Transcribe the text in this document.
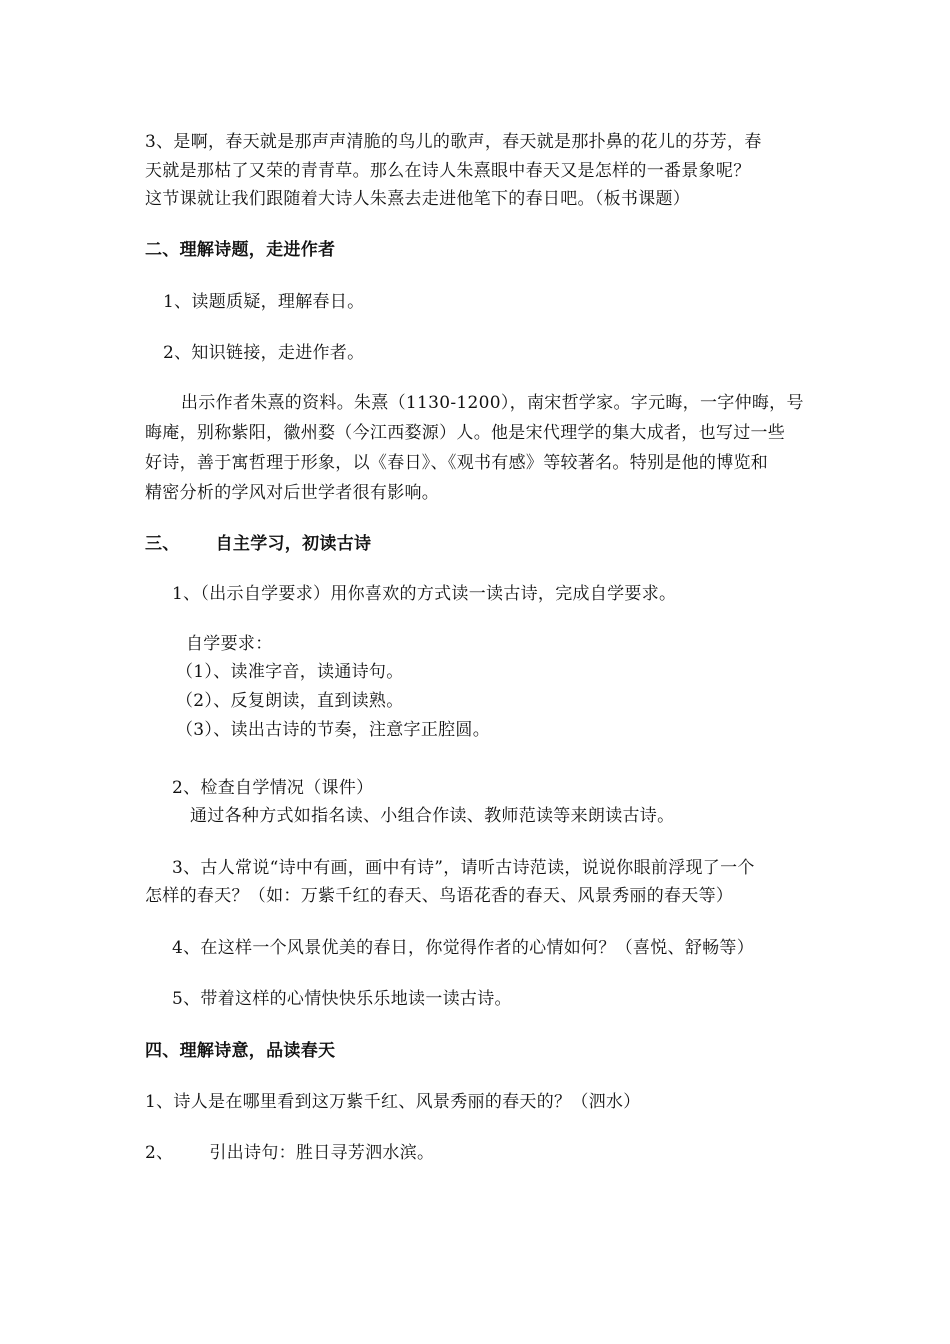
3、是啊，春天就是那声声清脆的鸟儿的歌声，春天就是那扑鼻的花儿的芬芳，春
天就是那枯了又荣的青青草。那么在诗人朱熹眼中春天又是怎样的一番景象呢？
这节课就让我们跟随着大诗人朱熹去走进他笔下的春日吧。（板书课题）
二、理解诗题，走进作者
1、读题质疑，理解春日。
2、知识链接，走进作者。
出示作者朱熹的资料。朱熹（1130-1200），南宋哲学家。字元晦，一字仲晦，号
晦庵，别称紫阳，徽州婺（今江西婺源）人。他是宋代理学的集大成者，也写过一些
好诗，善于寓哲理于形象，以《春日》、《观书有感》等较著名。特别是他的博览和
精密分析的学风对后世学者很有影响。
三、 自主学习，初读古诗
1、（出示自学要求）用你喜欢的方式读一读古诗，完成自学要求。
自学要求：
（1）、读准字音，读通诗句。
（2）、反复朗读，直到读熟。
（3）、读出古诗的节奏，注意字正腔圆。
2、检查自学情况（课件）
通过各种方式如指名读、小组合作读、教师范读等来朗读古诗。
3、古人常说“诗中有画，画中有诗”，请听古诗范读，说说你眼前浮现了一个
怎样的春天？（如：万紫千红的春天、鸟语花香的春天、风景秀丽的春天等）
4、在这样一个风景优美的春日，你觉得作者的心情如何？（喜悦、舒畅等）
5、带着这样的心情快快乐乐地读一读古诗。
四、理解诗意，品读春天
1、诗人是在哪里看到这万紫千红、风景秀丽的春天的？（泗水）
2、 引出诗句：胜日寻芳泗水滨。
